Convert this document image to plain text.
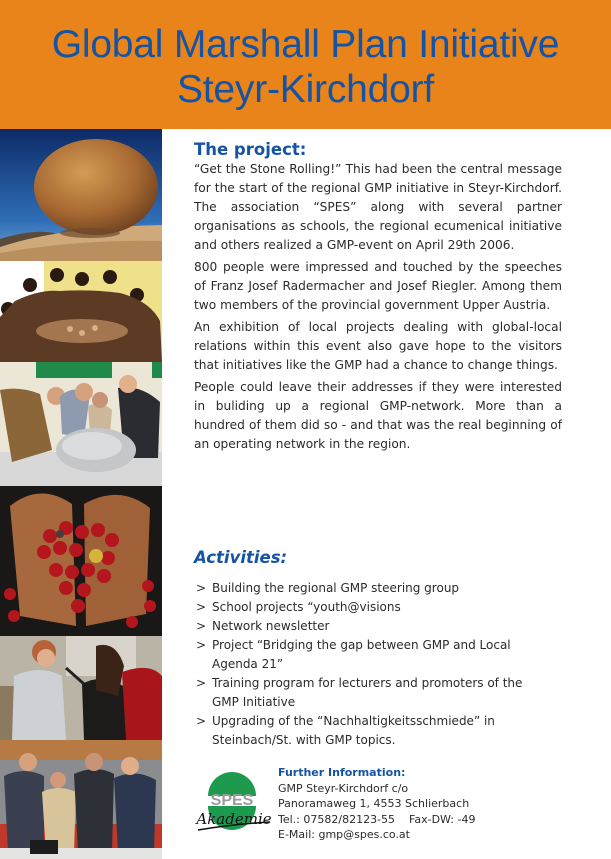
Global Marshall Plan Initiative
Steyr-Kirchdorf
The project:

“Get the Stone Rolling!” This had been the central message for the start of the regional GMP initiative in Steyr-Kirchdorf. The association “SPES” along with several partner organisations as schools, the regional ecumenical initiative and others realized a GMP-event on April 29th 2006.

800 people were impressed and touched by the speeches of Franz Josef Radermacher and Josef Riegler. Among them two members of the provincial government Upper Austria.

An exhibition of local projects dealing with global-local relations within this event also gave hope to the visitors that initiatives like the GMP had a chance to change things.

People could leave their addresses if they were interested in buliding up a regional GMP-network. More than a hundred of them did so - and that was the real beginning of an operating network in the region.

Activities:
> Building the regional GMP steering group
> School projects “youth@visions
> Network newsletter
> Project “Bridging the gap between GMP and Local Agenda 21”
> Training program for lecturers and promoters of the GMP Initiative
> Upgrading of the “Nachhaltigkeitsschmiede” in Steinbach/St. with GMP topics.
SPES
Akademie
Further Information:
GMP Steyr-Kirchdorf c/o
Panoramaweg 1, 4553 Schlierbach
Tel.: 07582/82123-55 Fax-DW: -49
E-Mail: gmp@spes.co.at
